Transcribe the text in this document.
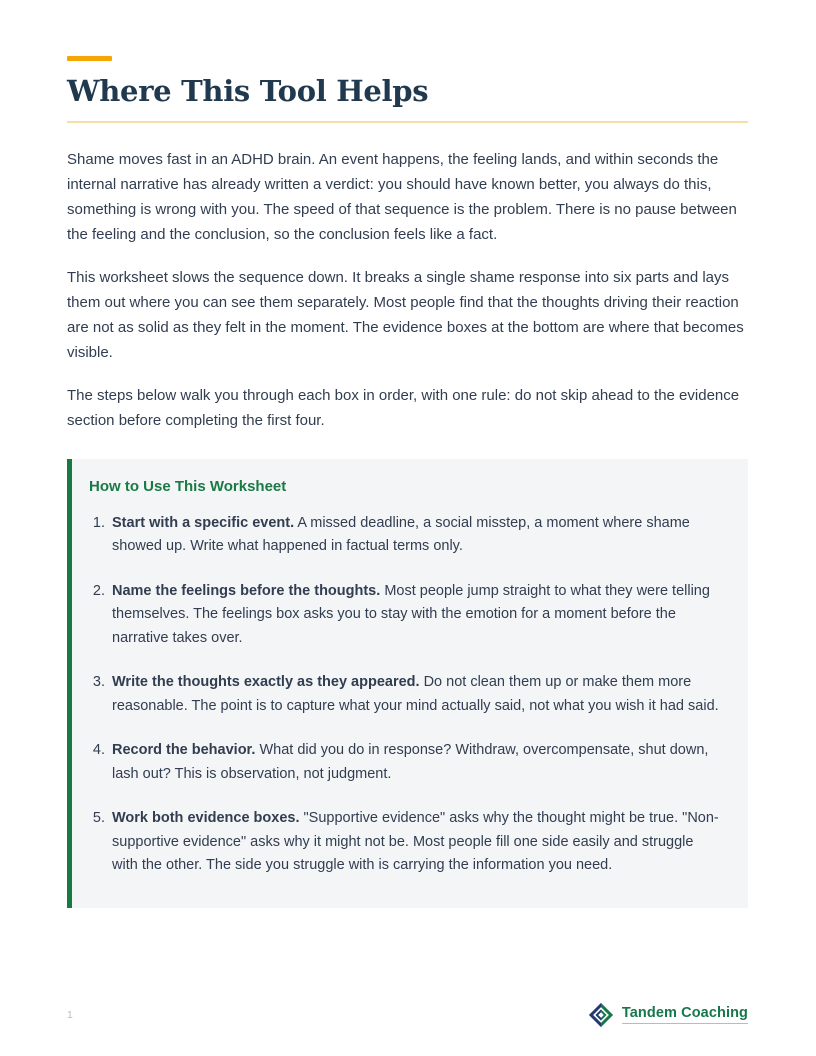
Where This Tool Helps

Shame moves fast in an ADHD brain. An event happens, the feeling lands, and within seconds the internal narrative has already written a verdict: you should have known better, you always do this, something is wrong with you. The speed of that sequence is the problem. There is no pause between the feeling and the conclusion, so the conclusion feels like a fact.

This worksheet slows the sequence down. It breaks a single shame response into six parts and lays them out where you can see them separately. Most people find that the thoughts driving their reaction are not as solid as they felt in the moment. The evidence boxes at the bottom are where that becomes visible.

The steps below walk you through each box in order, with one rule: do not skip ahead to the evidence section before completing the first four.

How to Use This Worksheet
1. Start with a specific event. A missed deadline, a social misstep, a moment where shame showed up. Write what happened in factual terms only.
2. Name the feelings before the thoughts. Most people jump straight to what they were telling themselves. The feelings box asks you to stay with the emotion for a moment before the narrative takes over.
3. Write the thoughts exactly as they appeared. Do not clean them up or make them more reasonable. The point is to capture what your mind actually said, not what you wish it had said.
4. Record the behavior. What did you do in response? Withdraw, overcompensate, shut down, lash out? This is observation, not judgment.
5. Work both evidence boxes. "Supportive evidence" asks why the thought might be true. "Non-supportive evidence" asks why it might not be. Most people fill one side easily and struggle with the other. The side you struggle with is carrying the information you need.
1	Tandem Coaching
